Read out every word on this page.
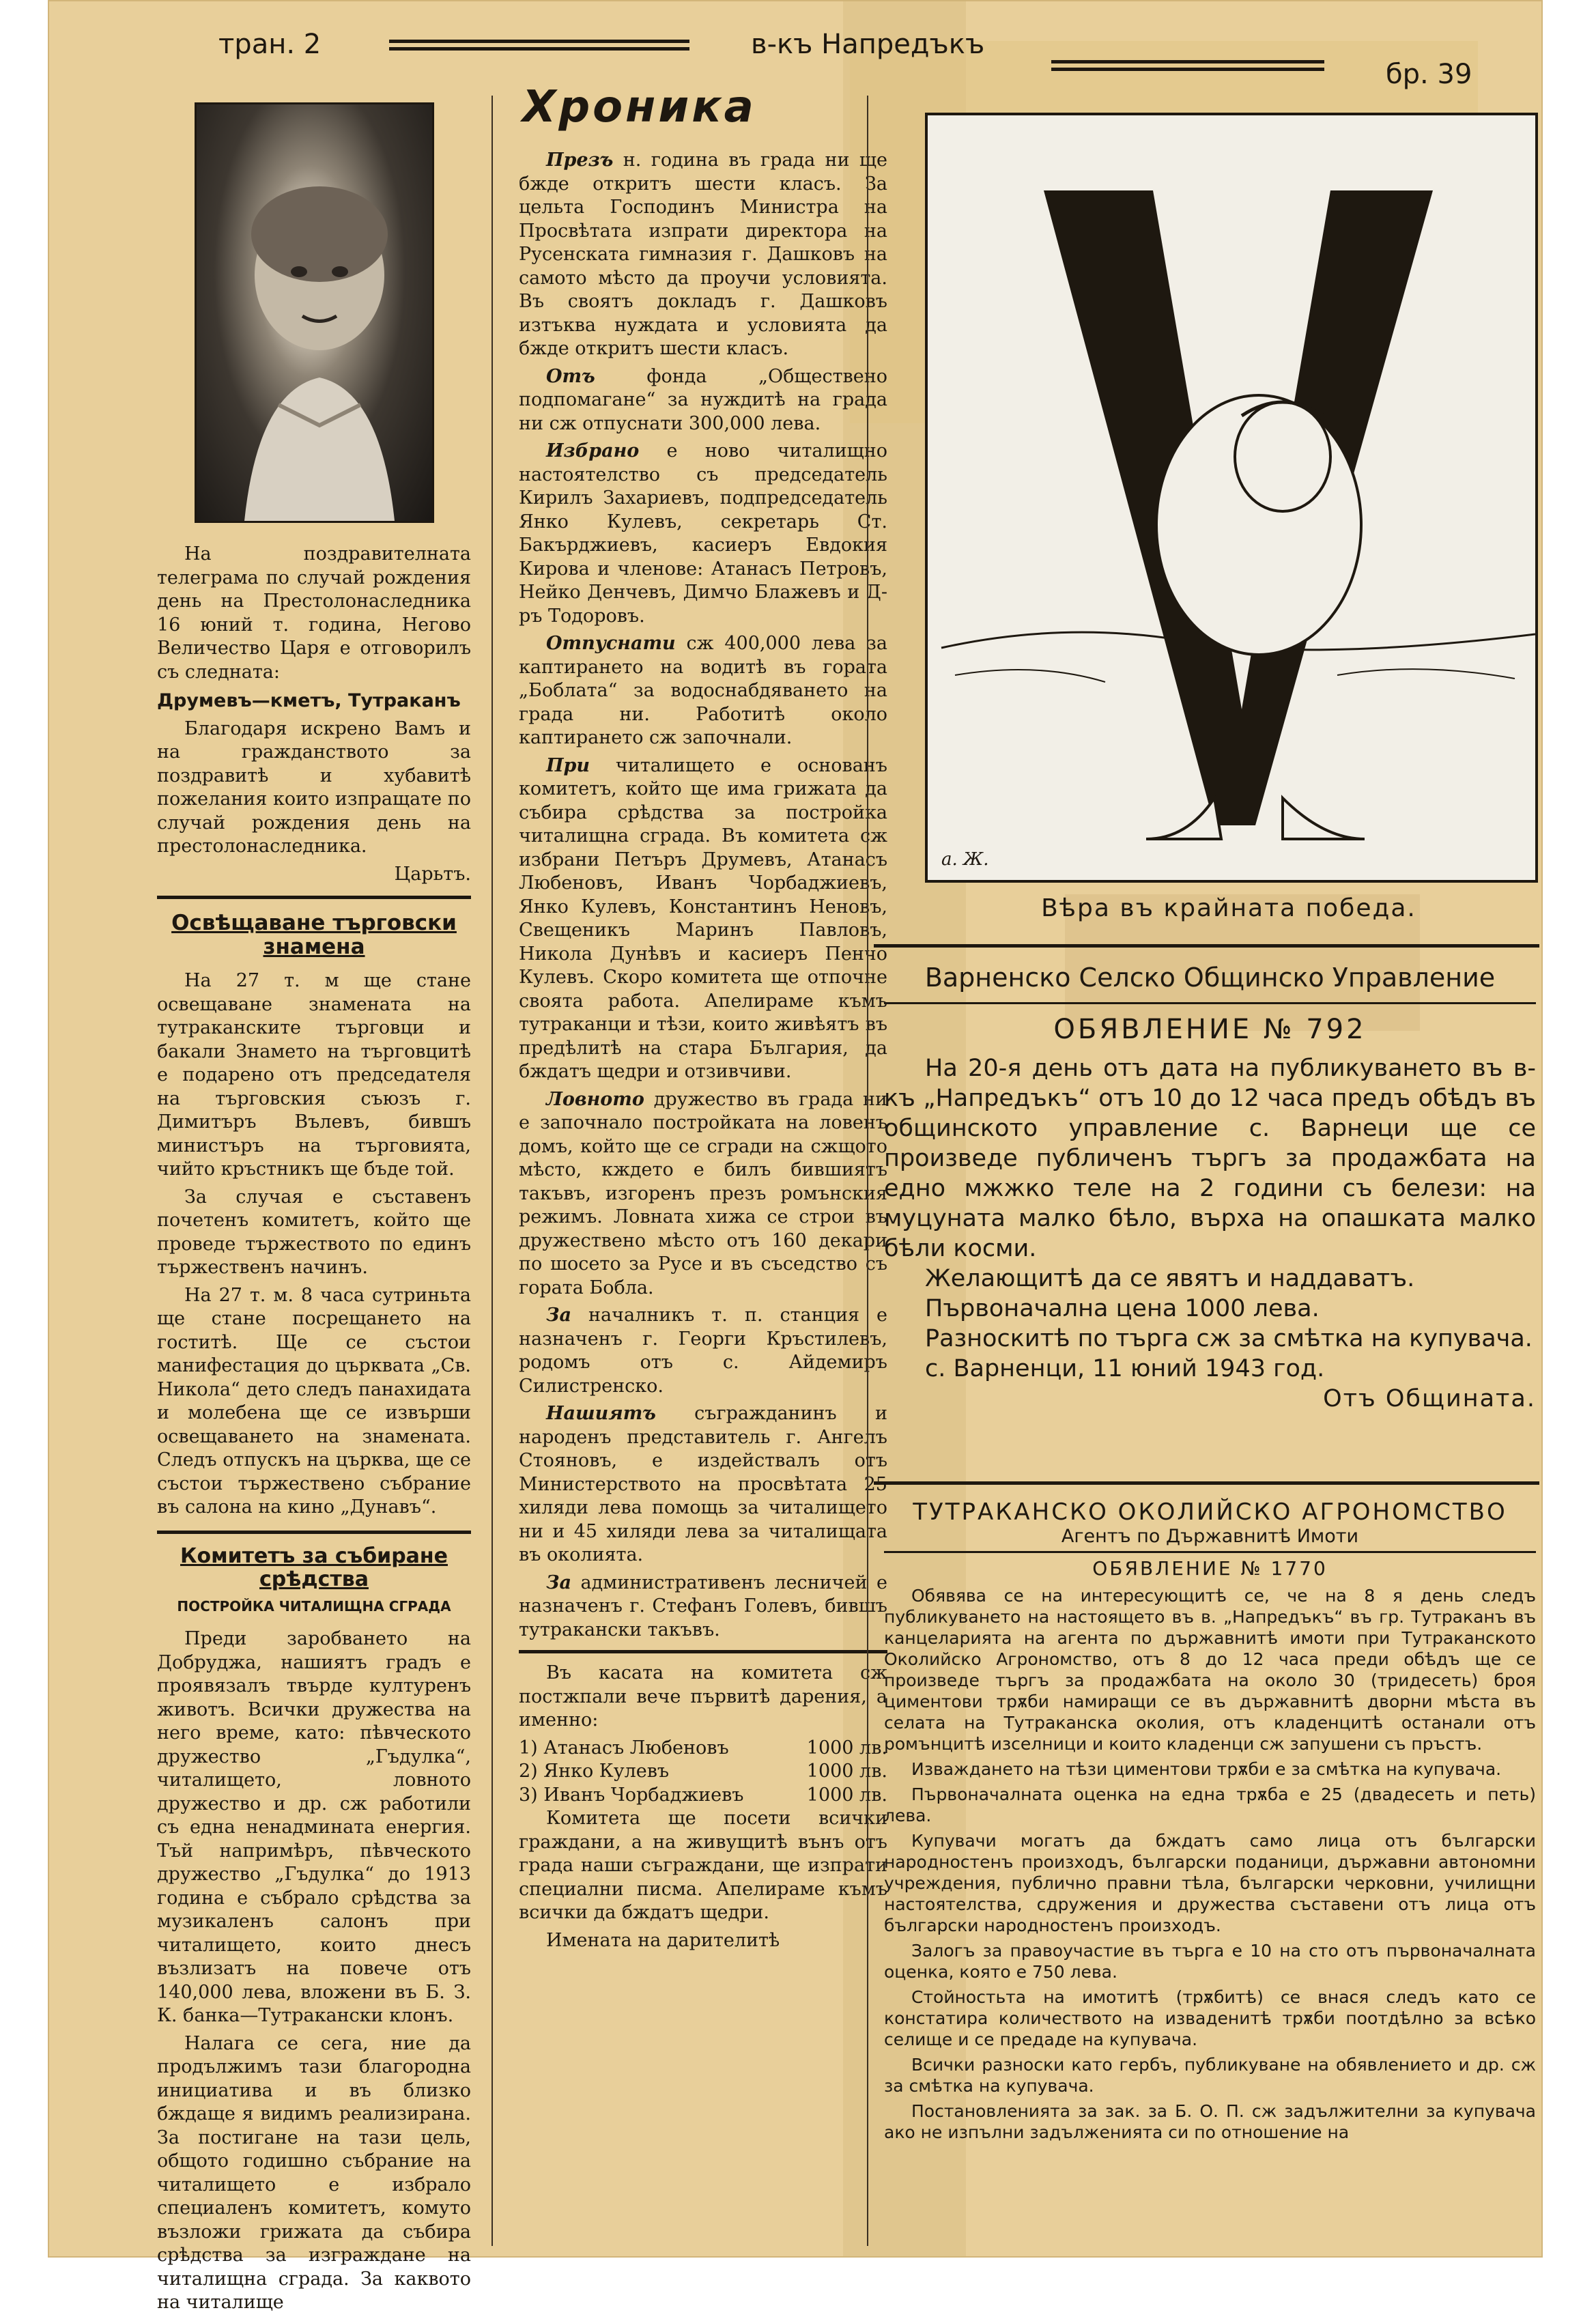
тран. 2	в-къ Напредъкъ
бр. 39

На поздравителната телеграма по случай рождения день на Престолонаследника 16 юний т. година, Негово Величество Царя е отговорилъ съ следната:

Друмевъ—кметъ, Тутраканъ

Благодаря искрено Вамъ и на гражданството за поздравитѣ и хубавитѣ пожелания които изпращате по случай рождения день на престолонаследника.

Царьтъ.

Освѣщаване търговски знамена

На 27 т. м ще стане освещаване знамената на тутраканските търговци и бакали Знамето на търговцитѣ е подарено отъ председателя на търговския съюзъ г. Димитъръ Вълевъ, бившъ министъръ на търговията, чийто кръстникъ ще бъде той.

За случая е съставенъ почетенъ комитетъ, който ще проведе тържеството по единъ тържественъ начинъ.

На 27 т. м. 8 часа сутриньта ще стане посрещането на гоститѣ. Ще се състои манифестация до църквата „Св. Никола“ дето следъ панахидата и молебена ще се извърши освещаването на знамената. Следъ отпускъ на църква, ще се състои тържествено събрание въ салона на кино „Дунавъ“.

Комитетъ за събиране срѣдства
ПОСТРОЙКА ЧИТАЛИЩНА СГРАДА

Преди заробването на Добруджа, нашиятъ градъ е проявязалъ твърде културенъ животъ. Всички дружества на него време, като: пѣвческото дружество „Гъдулка“, читалището, ловното дружество и др. сж работили съ една ненадмината енергия. Тъй напримѣръ, пѣвческото дружество „Гъдулка“ до 1913 година е събрало срѣдства за музикаленъ салонъ при читалището, които днесъ възлизатъ на повече отъ 140,000 лева, вложени въ Б. З. К. банка—Тутракански клонъ.

Налага се сега, ние да продължимъ тази благородна инициатива и въ близко бждаще я видимъ реализирана. За постигане на тази цель, общото годишно събрание на читалището е избрало специаленъ комитетъ, комуто възложи грижата да събира срѣдства за изграждане на читалищна сграда. За каквото на читалище

Хроника

Презъ н. година въ града ни ще бжде откритъ шести класъ. За цельта Господинъ Министра на Просвѣтата изпрати директора на Русенската гимназия г. Дашковъ на самото мѣсто да проучи условията. Въ своятъ докладъ г. Дашковъ изтъква нуждата и условията да бжде откритъ шести класъ.

Отъ	фонда „Обществено подпомагане“ за нуждитѣ на града ни сж отпуснати 300,000 лева.

Избрано е ново читалищно настоятелство съ председатель Кирилъ Захариевъ, подпредседатель Янко Кулевъ, секретарь Ст. Бакърджиевъ, касиеръ Евдокия Кирова и членове: Атанасъ Петровъ, Нейко Денчевъ, Димчо Блажевъ и Д-ръ Тодоровъ.

Отпуснати сж 400,000 лева за каптирането на водитѣ въ гората „Боблата“ за водоснабдяването на града ни. Работитѣ около каптирането сж започнали.

При читалището е основанъ комитетъ, който ще има грижата да събира срѣдства за постройка читалищна сграда. Въ комитета сж избрани Петъръ Друмевъ, Атанасъ Любеновъ, Иванъ Чорбаджиевъ, Янко Кулевъ, Константинъ Неновъ, Свещеникъ Маринъ Павловъ, Никола Дунѣвъ и касиеръ Пенчо Кулевъ. Скоро комитета ще отпочне своята работа. Апелираме къмъ тутраканци и тѣзи, които живѣятъ въ предѣлитѣ на стара България, да бждатъ щедри и отзивчиви.

Ловното дружество въ града ни е започнало постройката на ловенъ домъ, който ще се сгради на сжщото мѣсто, кждето е билъ бившиятъ такъвъ, изгоренъ презъ ромънския режимъ. Ловната хижа се строи въ дружествено мѣсто отъ 160 декари по шосето за Русе и въ съседство съ гората Бобла.

За началникъ т. п. станция е назначенъ г. Георги Кръстилевъ, родомъ отъ с. Айдемиръ Силистренско.

Нашиятъ съгражданинъ и народенъ представитель г. Ангелъ Стояновъ, е издействалъ отъ Министерството на просвѣтата 25 хиляди лева помощь за читалището ни и 45 хиляди лева за читалищата въ околията.

За административенъ лесничей е назначенъ г. Стефанъ Голевъ, бившъ тутракански такъвъ.

Въ касата на комитета сж постжпали вече първитѣ дарения, а именно:

1) Атанасъ Любеновъ	1000 лв.
2) Янко Кулевъ	1000 лв.
3) Иванъ Чорбаджиевъ	1000 лв.

Комитета ще посети всички граждани, а на живущитѣ вънъ отъ града наши съграждани, ще изпрати специални писма. Апелираме къмъ всички да бждатъ щедри.

Имената на дарителитѣ

а. Ж.
Вѣра въ крайната победа.
Варненско Селско Общинско Управление
ОБЯВЛЕНИЕ № 792
На 20-я день отъ дата на публикуването въ в-къ „Напредъкъ“ отъ 10 до 12 часа предъ обѣдъ въ общинското управление с. Варнеци ще се произведе публиченъ търгъ за продажбата на едно мжжко теле на 2 години съ белези: на муцуната малко бѣло, върха на опашката малко бѣли косми.
Желающитѣ да се явятъ и наддаватъ.
Първоначална цена 1000 лева.
Разноскитѣ по търга сж за смѣтка на купувача.
с. Варненци, 11 юний 1943 год.
Отъ Общината.
ТУТРАКАНСКО ОКОЛИЙСКО АГРОНОМСТВО
Агентъ по Държавнитѣ Имоти
ОБЯВЛЕНИЕ № 1770

Обявява се на интересующитѣ се, че на 8 я день следъ публикуването на настоящето въ в. „Напредъкъ“ въ гр. Тутраканъ въ канцеларията на агента по държавнитѣ имоти при Тутраканското Околийско Агрономство, отъ 8 до 12 часа преди обѣдъ ще се произведе търгъ за продажбата на около 30 (тридесеть) броя циментови трѫби намиращи се въ държавнитѣ дворни мѣста въ селата на Тутраканска околия, отъ кладенцитѣ останали отъ ромънцитѣ изселници и които кладенци сж запушени съ пръстъ.

Изваждането на тѣзи циментови трѫби е за смѣтка на купувача.

Първоначалната оценка на една трѫба е 25 (двадесеть и петь) лева.

Купувачи могатъ да бждатъ само лица отъ български народностенъ произходъ, български поданици, държавни автономни учреждения, публично правни тѣла, български черковни, училищни настоятелства, сдружения и дружества съставени отъ лица отъ български народностенъ произходъ.

Залогъ за правоучастие въ търга е 10 на сто отъ първоначалната оценка, която е 750 лева.

Стойностьта на имотитѣ (трѫбитѣ) се внася следъ като се констатира количеството на изваденитѣ трѫби поотдѣлно за всѣко селище и се предаде на купувача.

Всички разноски като гербъ, публикуване на обявлението и др. сж за смѣтка на купувача.

Постановленията за зак. за Б. О. П. сж задължителни за купувача ако не изпълни задълженията си по отношение на
